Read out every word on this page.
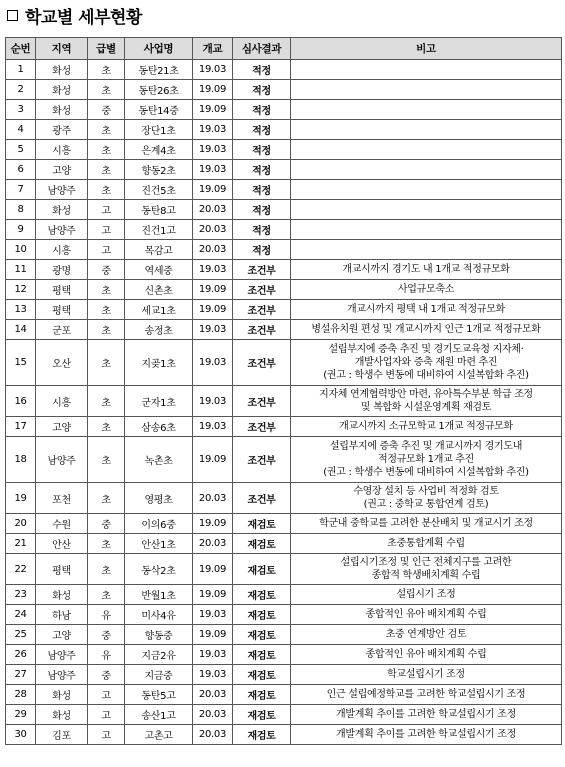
학교별 세부현황
순번	지역	급별	사업명	개교	심사결과	비고
1	화성	초	동탄21초	19.03	적정	
2	화성	초	동탄26초	19.09	적정	
3	화성	중	동탄14중	19.09	적정	
4	광주	초	장단1초	19.03	적정	
5	시흥	초	은계4초	19.03	적정	
6	고양	초	향동2초	19.03	적정	
7	남양주	초	진건5초	19.09	적정	
8	화성	고	동탄8고	20.03	적정	
9	남양주	고	진건1고	20.03	적정	
10	시흥	고	목감고	20.03	적정	
11	광명	중	역세중	19.03	조건부	개교시까지 경기도 내 1개교 적정규모화

12	평택	초	신촌초	19.09	조건부	사업규모축소

13	평택	초	세교1초	19.09	조건부	개교시까지 평택 내 1개교 적정규모화

14	군포	초	송정초	19.03	조건부	병설유치원 편성 및 개교시까지 인근 1개교 적정규모화

15	오산	초	지곶1초	19.03	조건부	설립부지에 증축 추진 및 경기도교육청 지자체·
개발사업자와 증축 재원 마련 추진
(권고 : 학생수 변동에 대비하여 시설복합화 추진)

16	시흥	초	군자1초	19.03	조건부	지자체 연계협력방안 마련, 유아특수부분 학급 조정
및 복합화 시설운영계획 재검토

17	고양	초	삼송6초	19.03	조건부	개교시까지 소규모학교 1개교 적정규모화

18	남양주	초	녹촌초	19.09	조건부	설립부지에 증축 추진 및 개교시까지 경기도내
적정규모화 1개교 추진
(권고 : 학생수 변동에 대비하여 시설복합화 추진)

19	포천	초	영평초	20.03	조건부	수영장 설치 등 사업비 적정화 검토
(권고 : 중학교 통합연계 검토)

20	수원	중	이의6중	19.09	재검토	학군내 중학교를 고려한 분산배치 및 개교시기 조정

21	안산	초	안산1초	20.03	재검토	초중통합계획 수립

22	평택	초	동삭2초	19.09	재검토	설립시기조정 및 인근 전체지구를 고려한
종합적 학생배치계획 수립

23	화성	초	반월1초	19.09	재검토	설립시기 조정

24	하남	유	미사4유	19.03	재검토	종합적인 유아 배치계획 수립

25	고양	중	향동중	19.09	재검토	초중 연계방안 검토

26	남양주	유	지금2유	19.03	재검토	종합적인 유아 배치계획 수립

27	남양주	중	지금중	19.03	재검토	학교설립시기 조정

28	화성	고	동탄5고	20.03	재검토	인근 설립예정학교를 고려한 학교설립시기 조정

29	화성	고	송산1고	20.03	재검토	개발계획 추이를 고려한 학교설립시기 조정

30	김포	고	고촌고	20.03	재검토	개발계획 추이를 고려한 학교설립시기 조정
